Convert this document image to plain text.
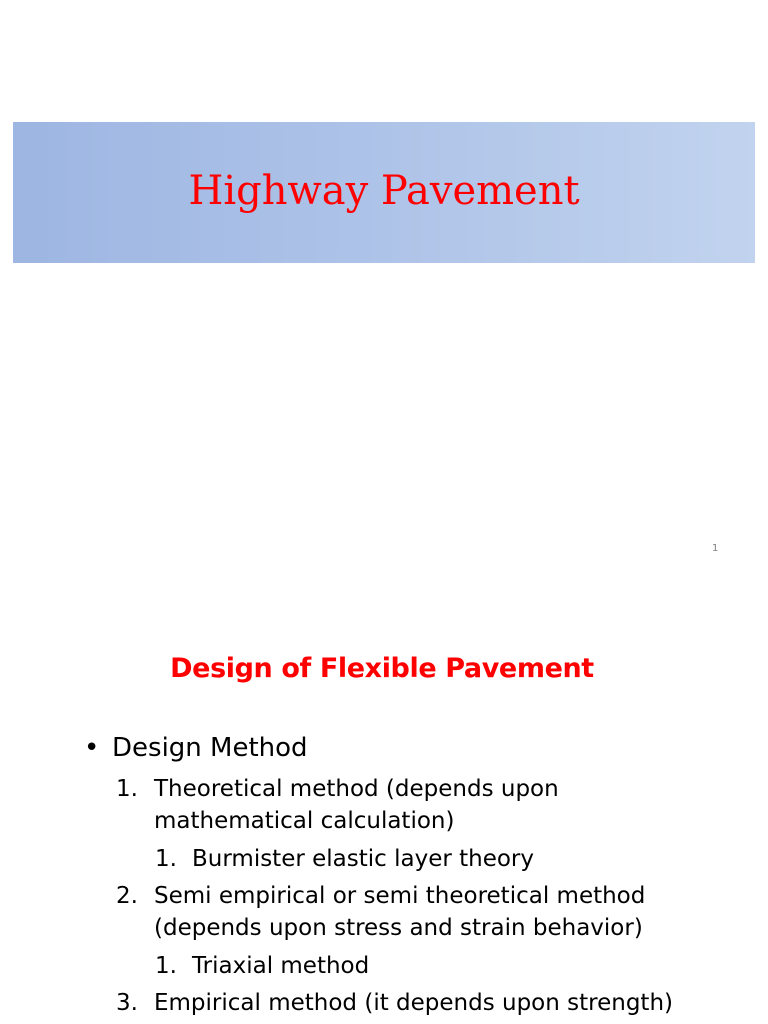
Highway Pavement
1
Design of Flexible Pavement
• Design Method
1. Theoretical method (depends upon
mathematical calculation)
1. Burmister elastic layer theory
2. Semi empirical or semi theoretical method
(depends upon stress and strain behavior)
1. Triaxial method
3. Empirical method (it depends upon strength)
